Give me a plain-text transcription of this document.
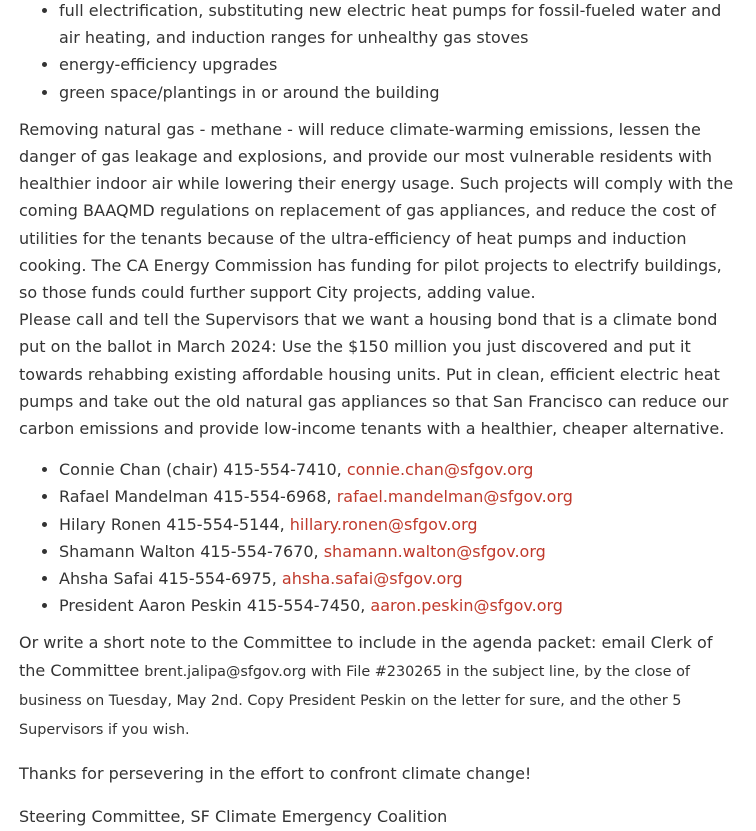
• full electrification, substituting new electric heat pumps for fossil-fueled water and air heating, and induction ranges for unhealthy gas stoves
• energy-efficiency upgrades
• green space/plantings in or around the building

Removing natural gas - methane - will reduce climate-warming emissions, lessen the danger of gas leakage and explosions, and provide our most vulnerable residents with healthier indoor air while lowering their energy usage. Such projects will comply with the coming BAAQMD regulations on replacement of gas appliances, and reduce the cost of utilities for the tenants because of the ultra-efficiency of heat pumps and induction cooking. The CA Energy Commission has funding for pilot projects to electrify buildings, so those funds could further support City projects, adding value.

Please call and tell the Supervisors that we want a housing bond that is a climate bond put on the ballot in March 2024: Use the $150 million you just discovered and put it towards rehabbing existing affordable housing units. Put in clean, efficient electric heat pumps and take out the old natural gas appliances so that San Francisco can reduce our carbon emissions and provide low-income tenants with a healthier, cheaper alternative.

• Connie Chan (chair) 415-554-7410, connie.chan@sfgov.org
• Rafael Mandelman 415-554-6968, rafael.mandelman@sfgov.org
• Hilary Ronen 415-554-5144, hillary.ronen@sfgov.org
• Shamann Walton 415-554-7670, shamann.walton@sfgov.org
• Ahsha Safai 415-554-6975, ahsha.safai@sfgov.org
• President Aaron Peskin 415-554-7450, aaron.peskin@sfgov.org

Or write a short note to the Committee to include in the agenda packet: email Clerk of the Committee brent.jalipa@sfgov.org with File #230265 in the subject line, by the close of business on Tuesday, May 2nd. Copy President Peskin on the letter for sure, and the other 5 Supervisors if you wish.

Thanks for persevering in the effort to confront climate change!

Steering Committee, SF Climate Emergency Coalition
